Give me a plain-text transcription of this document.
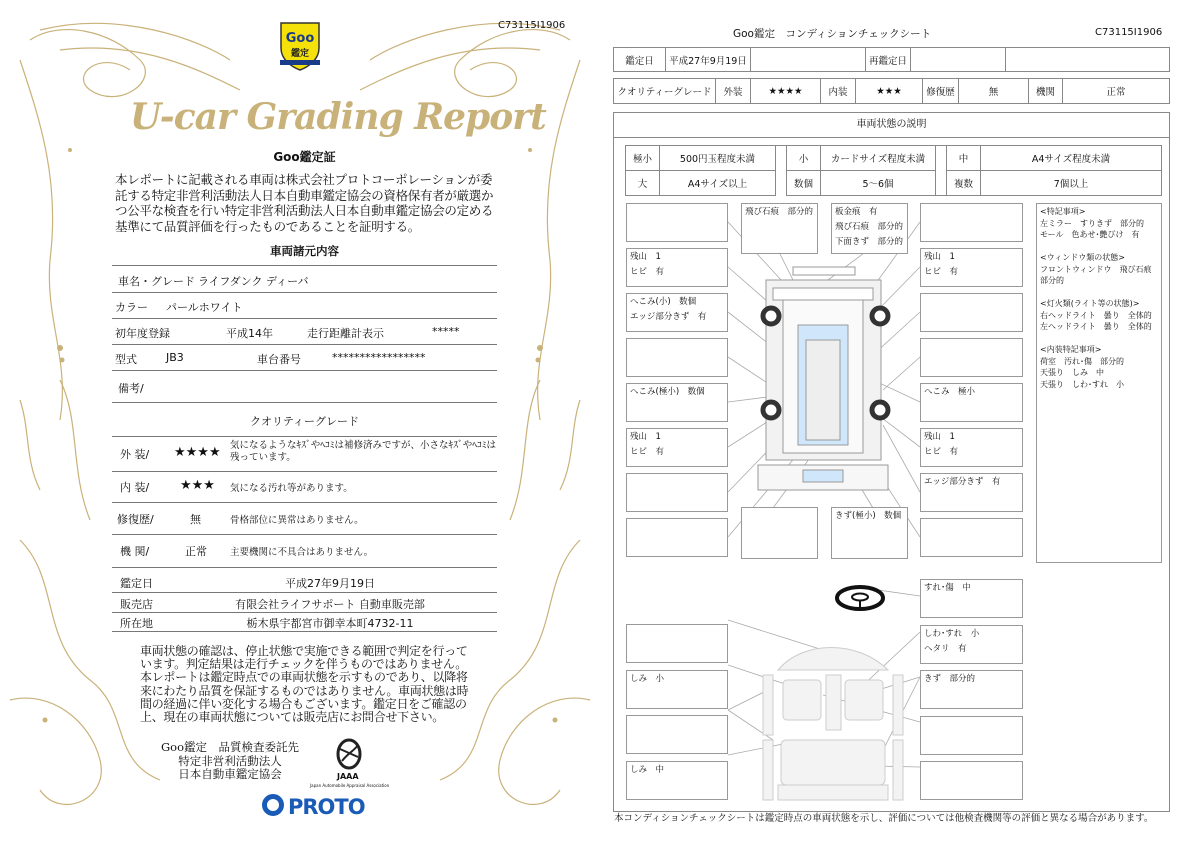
C73115I1906
Goo
鑑定
U-car Grading Report
Goo鑑定証
本レポートに記載される車両は株式会社プロトコーポレーションが委託する特定非営利活動法人日本自動車鑑定協会の資格保有者が厳選かつ公平な検査を行い特定非営利活動法人日本自動車鑑定協会の定める基準にて品質評価を行ったものであることを証明する。
車両諸元内容
車名・グレード ライフダンク ディーバ
カラー パールホワイト
初年度登録	平成14年	走行距離計表示	*****
型式	JB3	車台番号	*****************
備考/
クオリティーグレード
外 装/ ★★★★ 気になるようなｷｽﾞやﾍｺﾐは補修済みですが、小さなｷｽﾞやﾍｺﾐは残っています。
内 装/ ★★★ 気になる汚れ等があります。
修復歴/	無	骨格部位に異常はありません。
機 関/	正常 主要機関に不具合はありません。
鑑定日	平成27年9月19日
販売店	有限会社ライフサポート 自動車販売部
所在地	栃木県宇都宮市御幸本町4732-11
車両状態の確認は、停止状態で実施できる範囲で判定を行っています。判定結果は走行チェックを伴うものではありません。
本レポートは鑑定時点での車両状態を示すものであり、以降将来にわたり品質を保証するものではありません。車両状態は時間の経過に伴い変化する場合もございます。鑑定日をご確認の上、現在の車両状態については販売店にお問合せ下さい。
Goo鑑定　品質検査委託先
特定非営利活動法人
日本自動車鑑定協会	JAAA
Japan Automobile Appraisal Association
PROTO
Goo鑑定　コンディションチェックシート	C73115I1906
鑑定日	平成27年9月19日		再鑑定日		
クオリティーグレード	外装	★★★★	内装	★★★	修復歴	無	機関	正常
車両状態の説明
極小	500円玉程度未満		小	カードサイズ程度未満		中	A4サイズ程度未満
大	A4サイズ以上		数個	5～6個		複数	7個以上
残山　1
ヒビ　有
へこみ(小)　数個
エッジ部分きず　有
へこみ(極小)　数個
残山　1
ヒビ　有
残山　1
ヒビ　有
へこみ　極小
残山　1
ヒビ　有
エッジ部分きず　有
飛び石痕　部分的	板金痕　有
飛び石痕　部分的
下面きず　部分的
きず(極小)　数個
すれ･傷　中
しわ･すれ　小
ヘタリ　有
きず　部分的
しみ　小
しみ　中
<特記事項>
左ミラー　すりきず　部分的
モール　色あせ･艶びけ　有

<ウィンドウ類の状態>
フロントウィンドウ　飛び石痕　部分的

<灯火類(ライト等の状態)>
右ヘッドライト　曇り　全体的
左ヘッドライト　曇り　全体的

<内装特記事項>
荷室　汚れ･傷　部分的
天張り　しみ　中
天張り　しわ･すれ　小
本コンディションチェックシートは鑑定時点の車両状態を示し、評価については他検査機関等の評価と異なる場合があります。
